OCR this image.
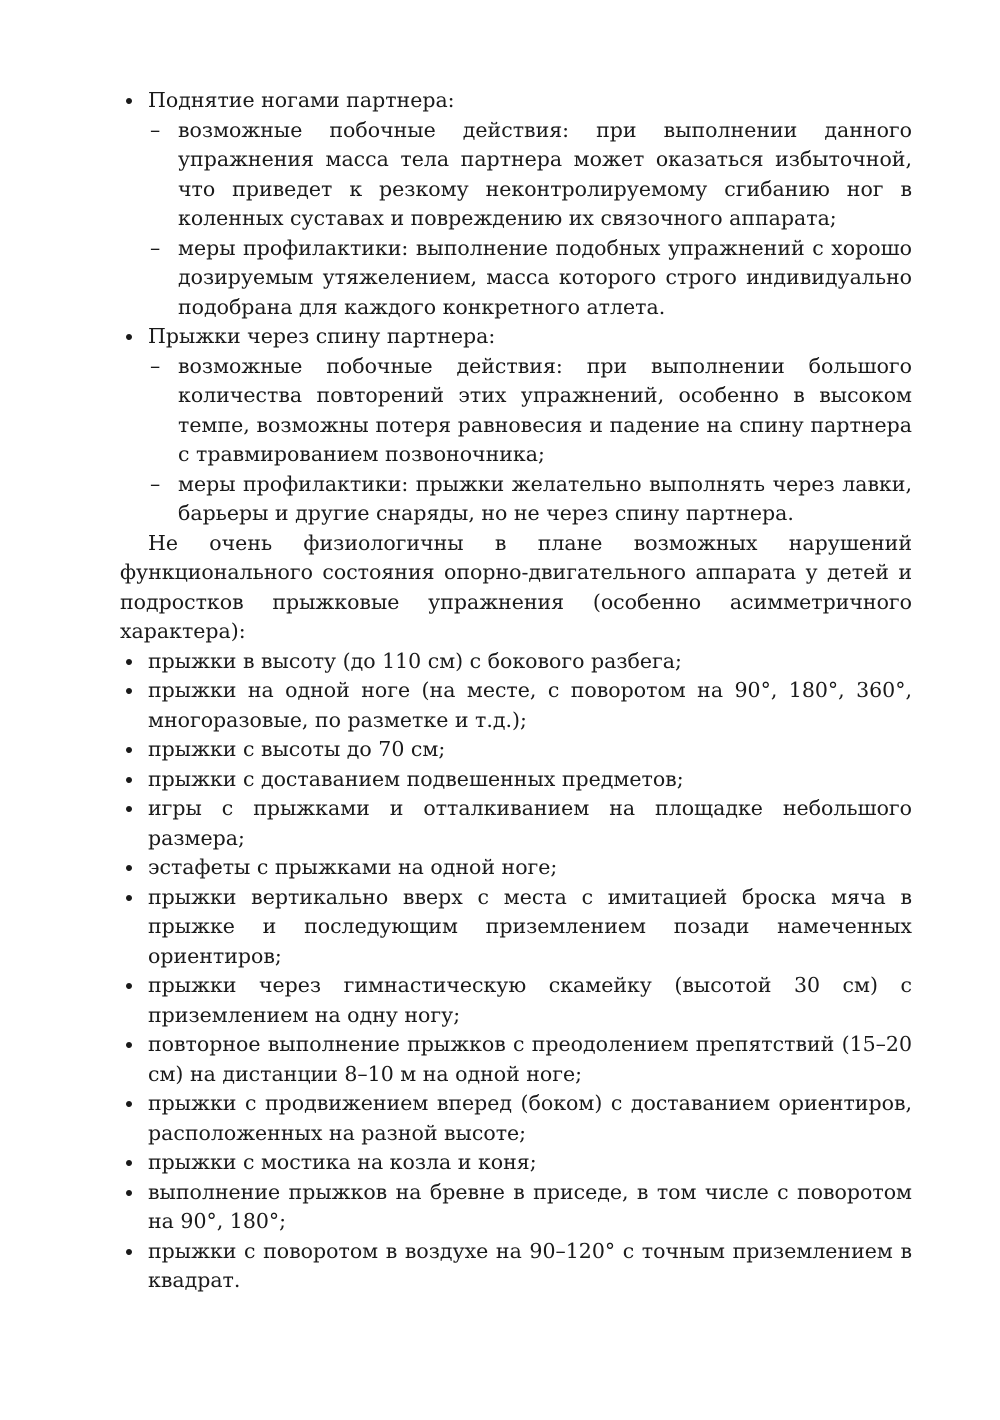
Поднятие ногами партнера:
– возможные побочные действия: при выполнении данного упражнения масса тела партнера может оказаться избыточной, что приведет к резкому неконтролируемому сгибанию ног в коленных суставах и повреждению их связочного аппарата;
– меры профилактики: выполнение подобных упражнений с хорошо дозируемым утяжелением, масса которого строго индивидуально подобрана для каждого конкретного атлета.
Прыжки через спину партнера:
– возможные побочные действия: при выполнении большого количества повторений этих упражнений, особенно в высоком темпе, возможны потеря равновесия и падение на спину партнера с травмированием позвоночника;
– меры профилактики: прыжки желательно выполнять через лавки, барьеры и другие снаряды, но не через спину партнера.

Не очень физиологичны в плане возможных нарушений функционального состояния опорно-двигательного аппарата у детей и подростков прыжковые упражнения (особенно асимметричного характера):

прыжки в высоту (до 110 см) с бокового разбега;
прыжки на одной ноге (на месте, с поворотом на 90°, 180°, 360°, многоразовые, по разметке и т.д.);
прыжки с высоты до 70 см;
прыжки с доставанием подвешенных предметов;
игры с прыжками и отталкиванием на площадке небольшого размера;
эстафеты с прыжками на одной ноге;
прыжки вертикально вверх с места с имитацией броска мяча в прыжке и последующим приземлением позади намеченных ориентиров;
прыжки через гимнастическую скамейку (высотой 30 см) с приземлением на одну ногу;
повторное выполнение прыжков с преодолением препятствий (15–20 см) на дистанции 8–10 м на одной ноге;
прыжки с продвижением вперед (боком) с доставанием ориентиров, расположенных на разной высоте;
прыжки с мостика на козла и коня;
выполнение прыжков на бревне в приседе, в том числе с поворотом на 90°, 180°;
прыжки с поворотом в воздухе на 90–120° с точным приземлением в квадрат.
